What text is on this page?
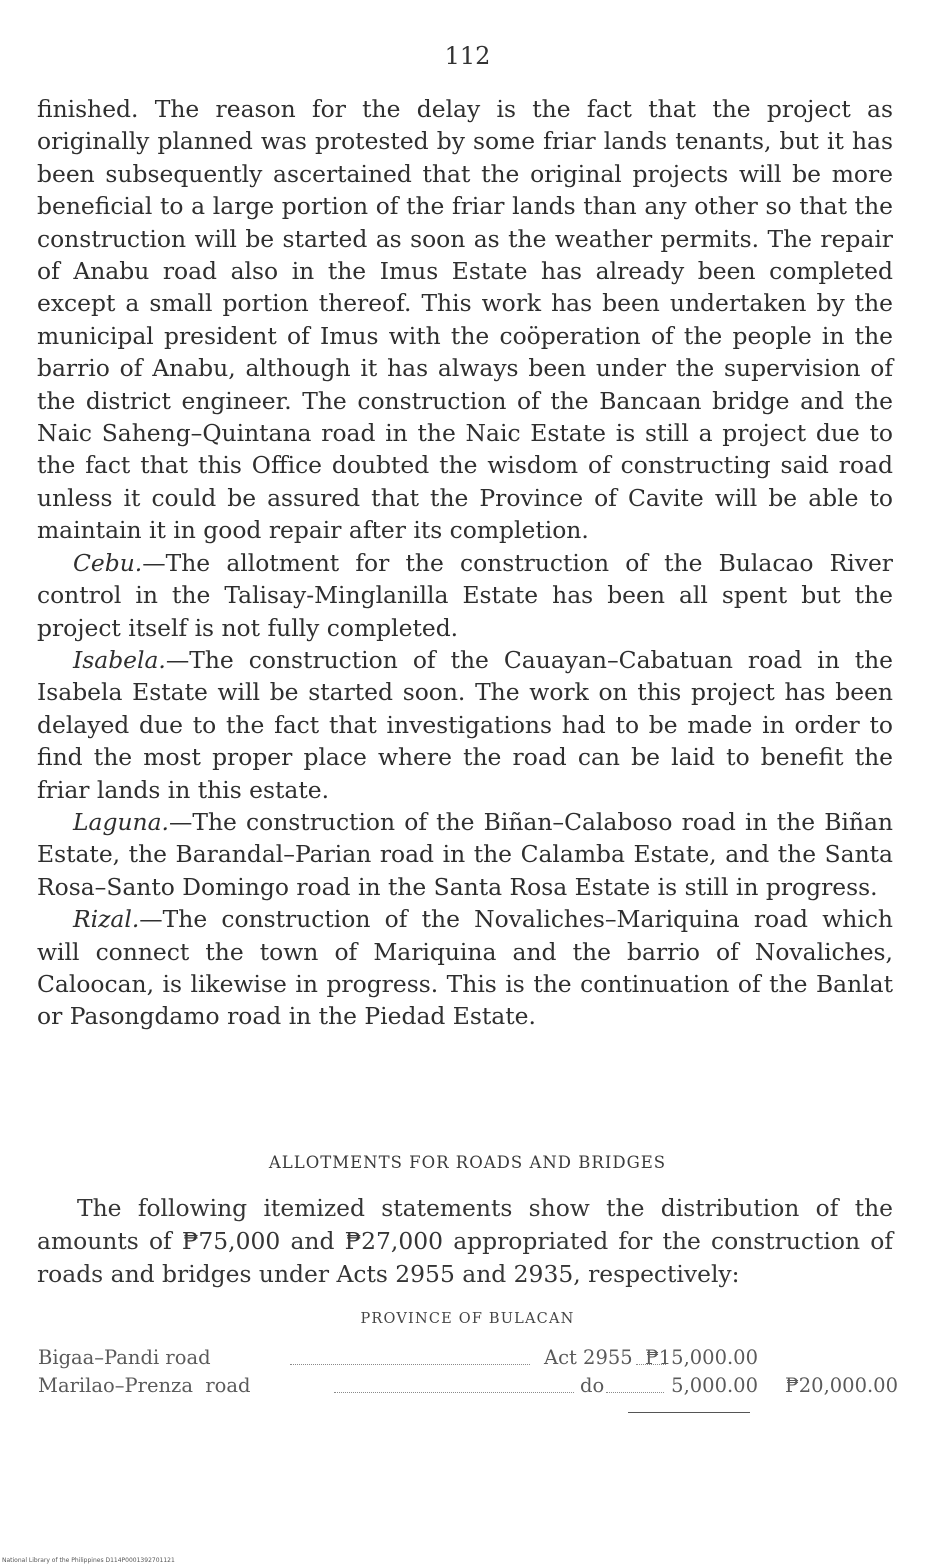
112

finished. The reason for the delay is the fact that the project as originally planned was protested by some friar lands tenants, but it has been subsequently ascertained that the original projects will be more beneficial to a large portion of the friar lands than any other so that the construction will be started as soon as the weather permits. The repair of Anabu road also in the Imus Estate has already been completed except a small portion thereof. This work has been undertaken by the municipal president of Imus with the coöperation of the people in the barrio of Anabu, although it has always been under the supervision of the district engineer. The construction of the Bancaan bridge and the Naic Saheng–Quintana road in the Naic Estate is still a project due to the fact that this Office doubted the wisdom of constructing said road unless it could be assured that the Province of Cavite will be able to maintain it in good repair after its completion.

Cebu.—The allotment for the construction of the Bulacao River control in the Talisay-Minglanilla Estate has been all spent but the project itself is not fully completed.

Isabela.—The construction of the Cauayan–Cabatuan road in the Isabela Estate will be started soon. The work on this project has been delayed due to the fact that investigations had to be made in order to find the most proper place where the road can be laid to benefit the friar lands in this estate.

Laguna.—The construction of the Biñan–Calaboso road in the Biñan Estate, the Barandal–Parian road in the Calamba Estate, and the Santa Rosa–Santo Domingo road in the Santa Rosa Estate is still in progress.

Rizal.—The construction of the Novaliches–Mariquina road which will connect the town of Mariquina and the barrio of Novaliches, Caloocan, is likewise in progress. This is the continuation of the Banlat or Pasongdamo road in the Piedad Estate.

ALLOTMENTS FOR ROADS AND BRIDGES

The following itemized statements show the distribution of the amounts of ₱75,000 and ₱27,000 appropriated for the construction of roads and bridges under Acts 2955 and 2935, respectively:

PROVINCE OF BULACAN
Bigaa–Pandi road	Act 2955 ₱15,000.00
Marilao–Prenza  road	do	5,000.00 ₱20,000.00
National Library of the Philippines D114P0001392701121
